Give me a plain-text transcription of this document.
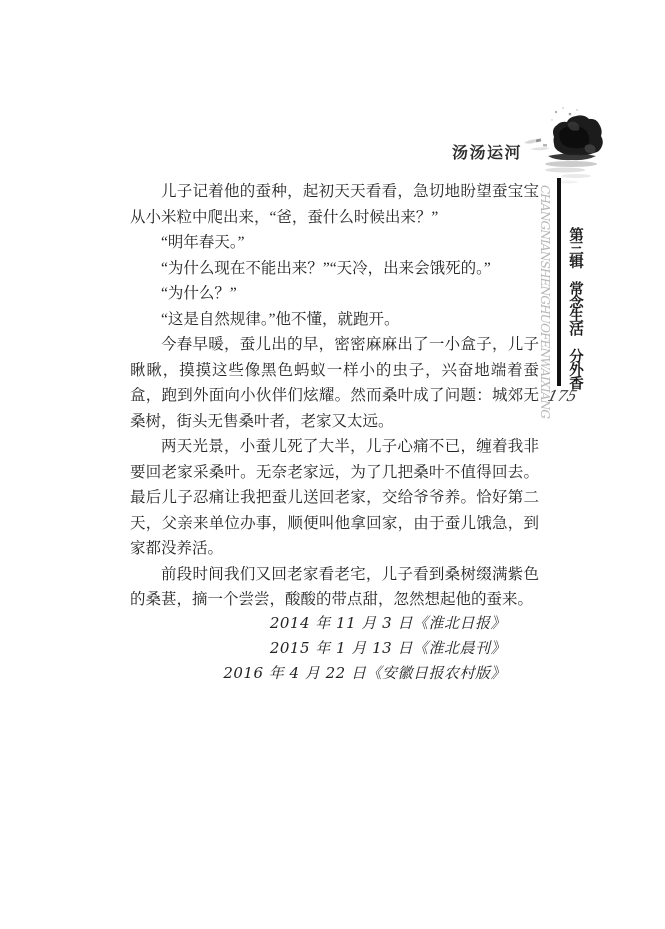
汤汤运河

儿子记着他的蚕种，起初天天看看，急切地盼望蚕宝宝从小米粒中爬出来，“爸，蚕什么时候出来？”

“明年春天。”

“为什么现在不能出来？”“天冷，出来会饿死的。”

“为什么？”

“这是自然规律。”他不懂，就跑开。

今春早暖，蚕儿出的早，密密麻麻出了一小盒子，儿子瞅瞅，摸摸这些像黑色蚂蚁一样小的虫子，兴奋地端着蚕盒，跑到外面向小伙伴们炫耀。然而桑叶成了问题：城郊无桑树，街头无售桑叶者，老家又太远。

两天光景，小蚕儿死了大半，儿子心痛不已，缠着我非要回老家采桑叶。无奈老家远，为了几把桑叶不值得回去。最后儿子忍痛让我把蚕儿送回老家，交给爷爷养。恰好第二天，父亲来单位办事，顺便叫他拿回家，由于蚕儿饿急，到家都没养活。

前段时间我们又回老家看老宅，儿子看到桑树缀满紫色的桑葚，摘一个尝尝，酸酸的带点甜，忽然想起他的蚕来。

2014 年 11 月 3 日《淮北日报》
2015 年 1 月 13 日《淮北晨刊》
2016 年 4 月 22 日《安徽日报农村版》
CHANGNIANSHENGHUOFENWAIXIANG 第三辑　常念生活　分外香
175
